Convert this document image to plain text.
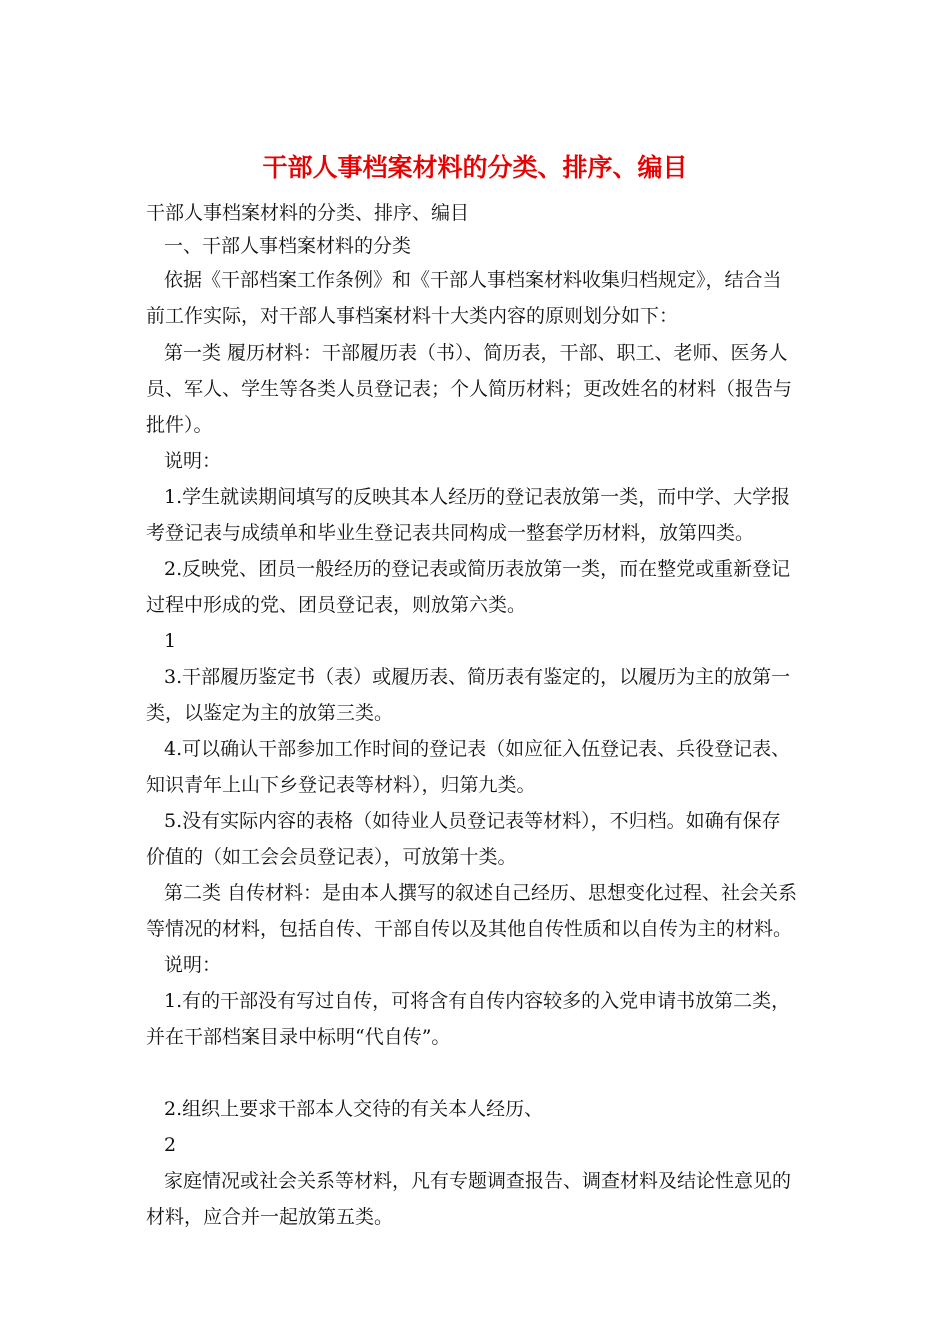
干部人事档案材料的分类、排序、编目
干部人事档案材料的分类、排序、编目
一、干部人事档案材料的分类
依据《干部档案工作条例》和《干部人事档案材料收集归档规定》，结合当
前工作实际，对干部人事档案材料十大类内容的原则划分如下：
第一类 履历材料：干部履历表（书）、简历表，干部、职工、老师、医务人
员、军人、学生等各类人员登记表；个人简历材料；更改姓名的材料（报告与
批件）。
说明：
1.学生就读期间填写的反映其本人经历的登记表放第一类，而中学、大学报
考登记表与成绩单和毕业生登记表共同构成一整套学历材料，放第四类。
2.反映党、团员一般经历的登记表或简历表放第一类，而在整党或重新登记
过程中形成的党、团员登记表，则放第六类。
1
3.干部履历鉴定书（表）或履历表、简历表有鉴定的，以履历为主的放第一
类，以鉴定为主的放第三类。
4.可以确认干部参加工作时间的登记表（如应征入伍登记表、兵役登记表、
知识青年上山下乡登记表等材料），归第九类。
5.没有实际内容的表格（如待业人员登记表等材料），不归档。如确有保存
价值的（如工会会员登记表），可放第十类。
第二类 自传材料：是由本人撰写的叙述自己经历、思想变化过程、社会关系
等情况的材料，包括自传、干部自传以及其他自传性质和以自传为主的材料。
说明：
1.有的干部没有写过自传，可将含有自传内容较多的入党申请书放第二类，
并在干部档案目录中标明“代自传”。
2.组织上要求干部本人交待的有关本人经历、
2
家庭情况或社会关系等材料，凡有专题调查报告、调查材料及结论性意见的
材料，应合并一起放第五类。
